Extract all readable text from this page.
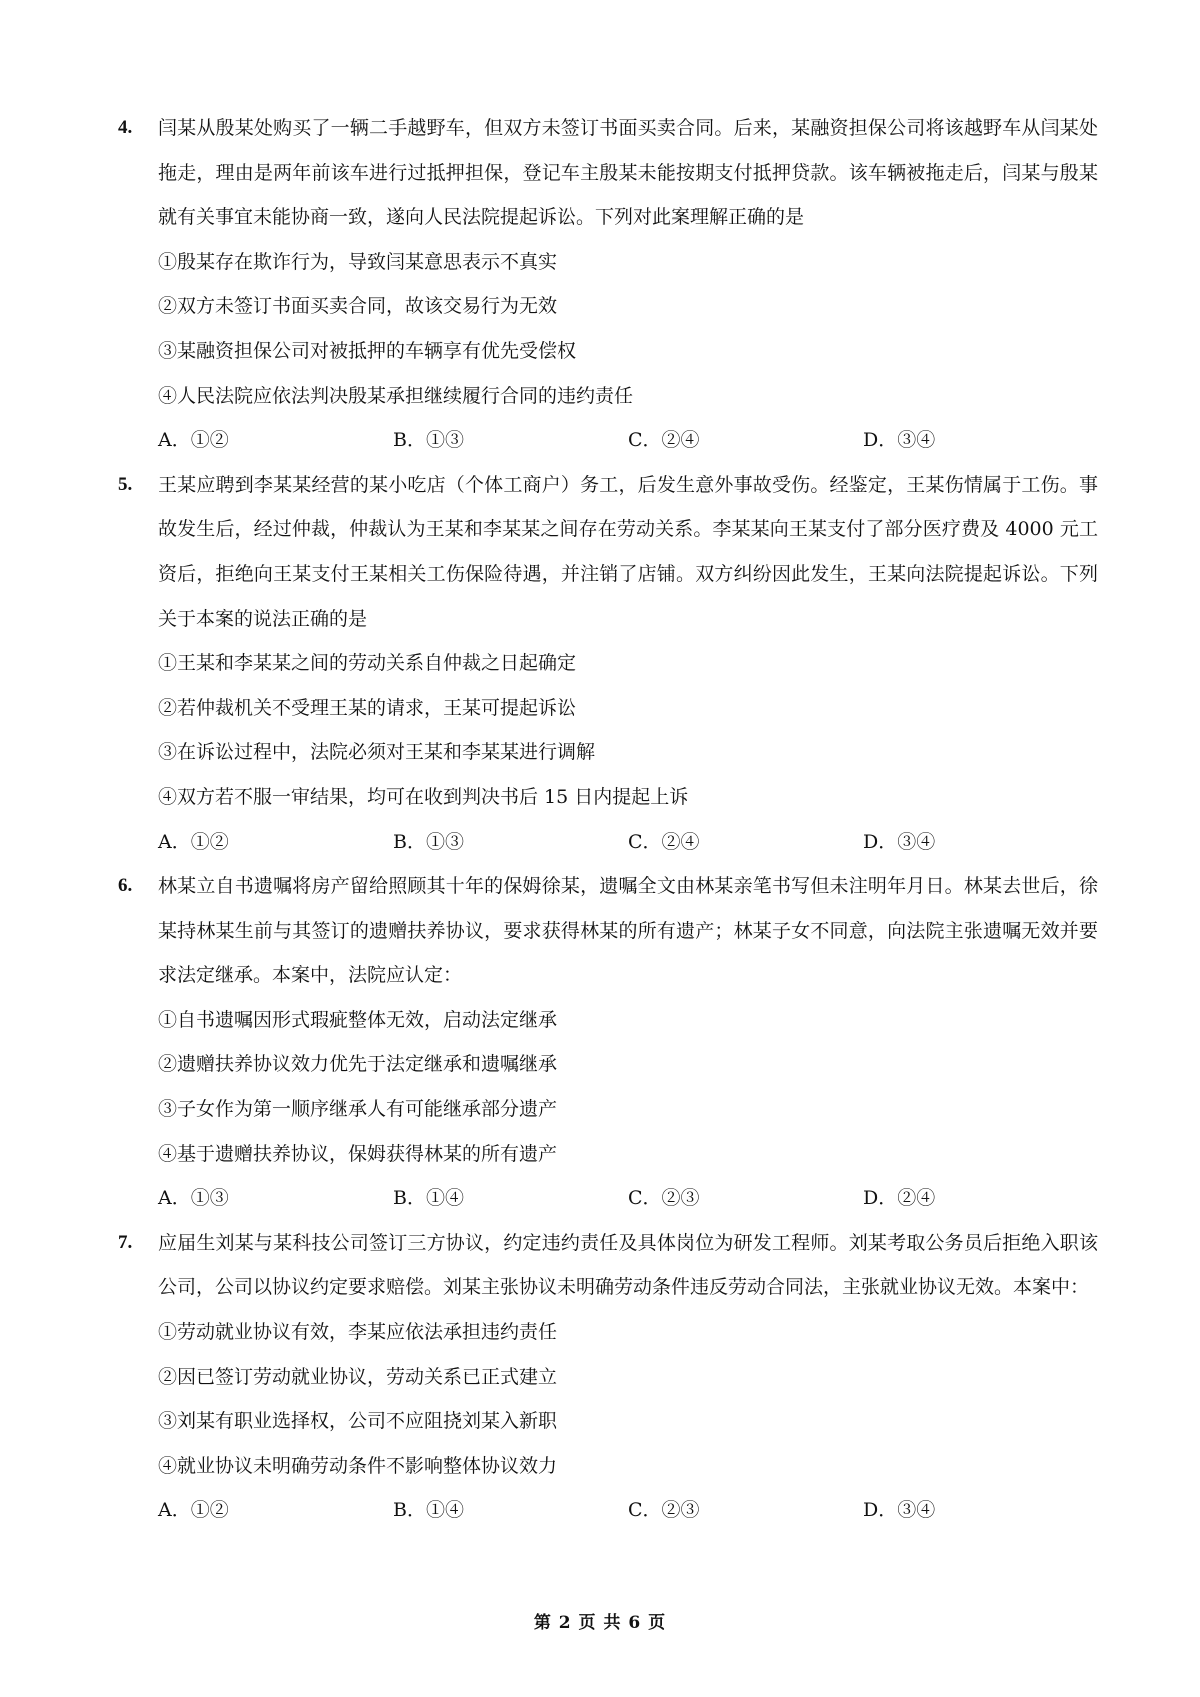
4. 闫某从殷某处购买了一辆二手越野车，但双方未签订书面买卖合同。后来，某融资担保公司将该越野车从闫某处拖走，理由是两年前该车进行过抵押担保，登记车主殷某未能按期支付抵押贷款。该车辆被拖走后，闫某与殷某就有关事宜未能协商一致，遂向人民法院提起诉讼。下列对此案理解正确的是
①殷某存在欺诈行为，导致闫某意思表示不真实
②双方未签订书面买卖合同，故该交易行为无效
③某融资担保公司对被抵押的车辆享有优先受偿权
④人民法院应依法判决殷某承担继续履行合同的违约责任
A．①②	B．①③	C．②④	D．③④
5. 王某应聘到李某某经营的某小吃店（个体工商户）务工，后发生意外事故受伤。经鉴定，王某伤情属于工伤。事故发生后，经过仲裁，仲裁认为王某和李某某之间存在劳动关系。李某某向王某支付了部分医疗费及 4000 元工资后，拒绝向王某支付王某相关工伤保险待遇，并注销了店铺。双方纠纷因此发生，王某向法院提起诉讼。下列关于本案的说法正确的是
①王某和李某某之间的劳动关系自仲裁之日起确定
②若仲裁机关不受理王某的请求，王某可提起诉讼
③在诉讼过程中，法院必须对王某和李某某进行调解
④双方若不服一审结果，均可在收到判决书后 15 日内提起上诉
A．①②	B．①③	C．②④	D．③④
6. 林某立自书遗嘱将房产留给照顾其十年的保姆徐某，遗嘱全文由林某亲笔书写但未注明年月日。林某去世后，徐某持林某生前与其签订的遗赠扶养协议，要求获得林某的所有遗产；林某子女不同意，向法院主张遗嘱无效并要求法定继承。本案中，法院应认定：
①自书遗嘱因形式瑕疵整体无效，启动法定继承
②遗赠扶养协议效力优先于法定继承和遗嘱继承
③子女作为第一顺序继承人有可能继承部分遗产
④基于遗赠扶养协议，保姆获得林某的所有遗产
A．①③	B．①④	C．②③	D．②④
7. 应届生刘某与某科技公司签订三方协议，约定违约责任及具体岗位为研发工程师。刘某考取公务员后拒绝入职该公司，公司以协议约定要求赔偿。刘某主张协议未明确劳动条件违反劳动合同法，主张就业协议无效。本案中：
①劳动就业协议有效，李某应依法承担违约责任
②因已签订劳动就业协议，劳动关系已正式建立
③刘某有职业选择权，公司不应阻挠刘某入新职
④就业协议未明确劳动条件不影响整体协议效力
A．①②	B．①④	C．②③	D．③④
第 2 页 共 6 页
